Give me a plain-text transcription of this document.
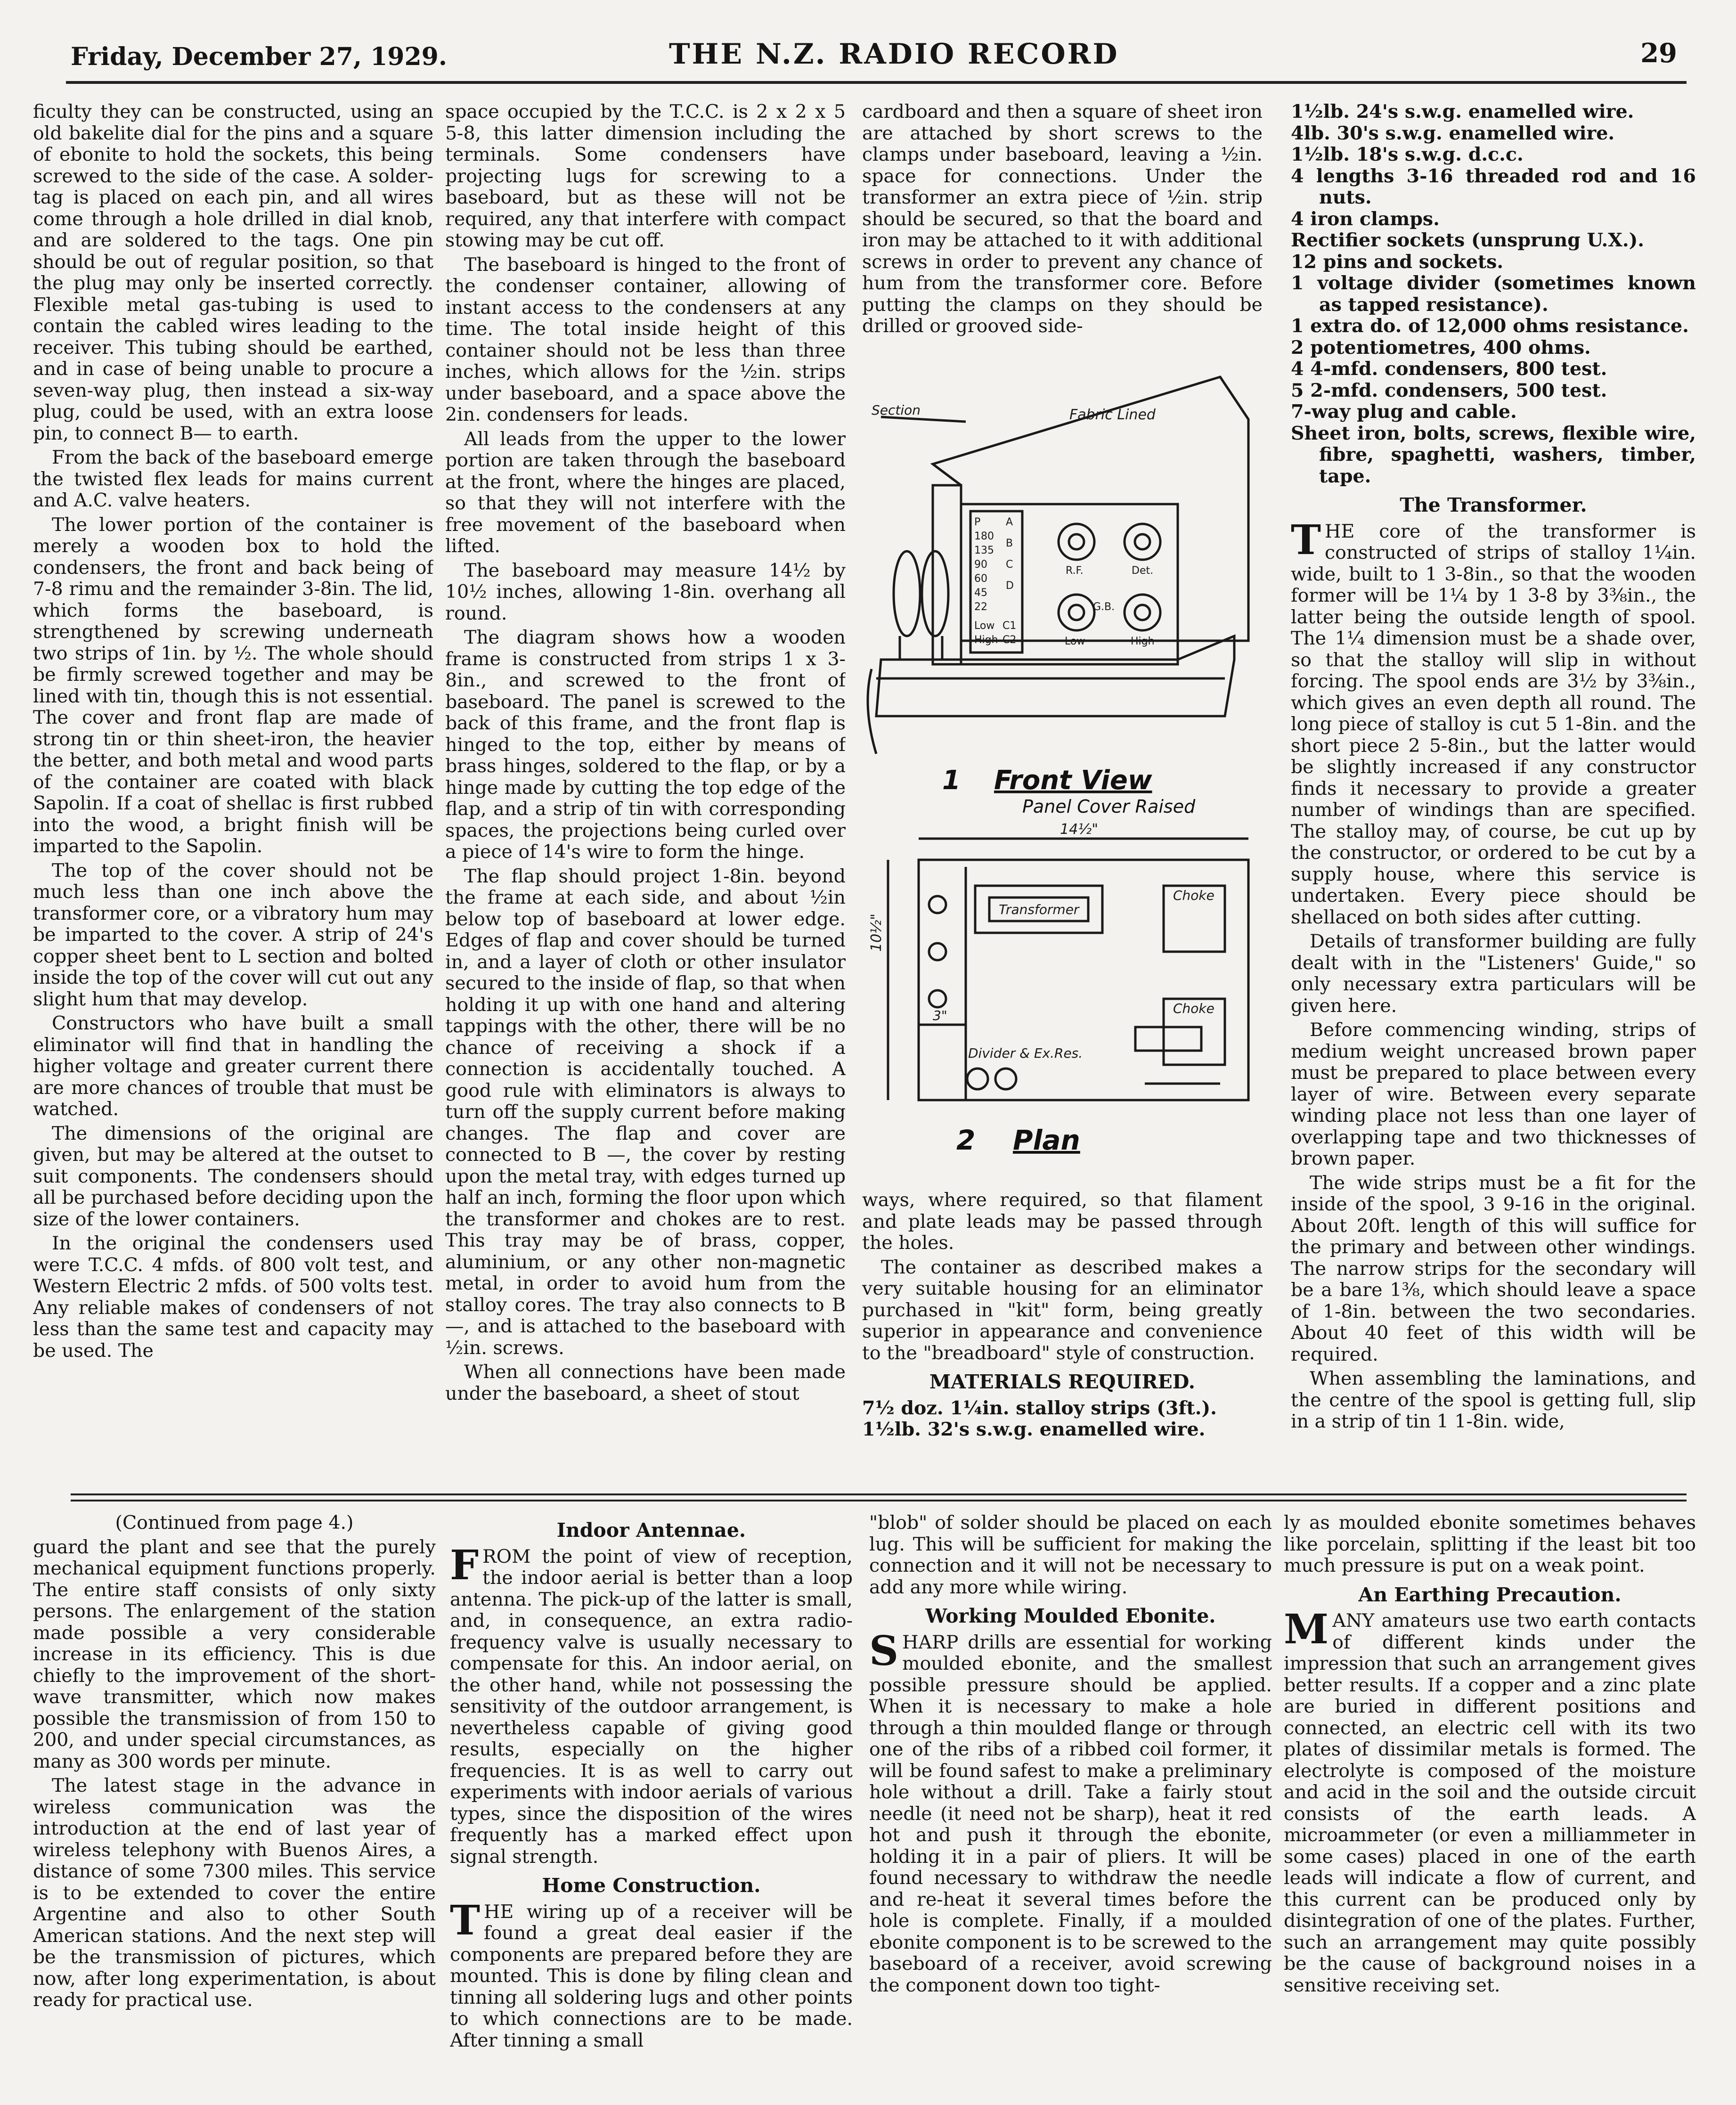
Friday, December 27, 1929.	THE N.Z. RADIO RECORD	29

ficulty they can be constructed, using an old bakelite dial for the pins and a square of ebonite to hold the sockets, this being screwed to the side of the case. A solder-tag is placed on each pin, and all wires come through a hole drilled in dial knob, and are soldered to the tags. One pin should be out of regular position, so that the plug may only be inserted correctly. Flexible metal gas-tubing is used to contain the cabled wires leading to the receiver. This tubing should be earthed, and in case of being unable to procure a seven-way plug, then instead a six-way plug, could be used, with an extra loose pin, to connect B— to earth.

From the back of the baseboard emerge the twisted flex leads for mains current and A.C. valve heaters.

The lower portion of the container is merely a wooden box to hold the condensers, the front and back being of 7-8 rimu and the remainder 3-8in. The lid, which forms the baseboard, is strengthened by screwing underneath two strips of 1in. by ½. The whole should be firmly screwed together and may be lined with tin, though this is not essential. The cover and front flap are made of strong tin or thin sheet-iron, the heavier the better, and both metal and wood parts of the container are coated with black Sapolin. If a coat of shellac is first rubbed into the wood, a bright finish will be imparted to the Sapolin.

The top of the cover should not be much less than one inch above the transformer core, or a vibratory hum may be imparted to the cover. A strip of 24's copper sheet bent to L section and bolted inside the top of the cover will cut out any slight hum that may develop.

Constructors who have built a small eliminator will find that in handling the higher voltage and greater current there are more chances of trouble that must be watched.

The dimensions of the original are given, but may be altered at the outset to suit components. The condensers should all be purchased before deciding upon the size of the lower containers.

In the original the condensers used were T.C.C. 4 mfds. of 800 volt test, and Western Electric 2 mfds. of 500 volts test. Any reliable makes of condensers of not less than the same test and capacity may be used. The

space occupied by the T.C.C. is 2 x 2 x 5 5-8, this latter dimension including the terminals. Some condensers have projecting lugs for screwing to a baseboard, but as these will not be required, any that interfere with compact stowing may be cut off.

The baseboard is hinged to the front of the condenser container, allowing of instant access to the condensers at any time. The total inside height of this container should not be less than three inches, which allows for the ½in. strips under baseboard, and a space above the 2in. condensers for leads.

All leads from the upper to the lower portion are taken through the baseboard at the front, where the hinges are placed, so that they will not interfere with the free movement of the baseboard when lifted.

The baseboard may measure 14½ by 10½ inches, allowing 1-8in. overhang all round.

The diagram shows how a wooden frame is constructed from strips 1 x 3-8in., and screwed to the front of baseboard. The panel is screwed to the back of this frame, and the front flap is hinged to the top, either by means of brass hinges, soldered to the flap, or by a hinge made by cutting the top edge of the flap, and a strip of tin with corresponding spaces, the projections being curled over a piece of 14's wire to form the hinge.

The flap should project 1-8in. beyond the frame at each side, and about ½in below top of baseboard at lower edge. Edges of flap and cover should be turned in, and a layer of cloth or other insulator secured to the inside of flap, so that when holding it up with one hand and altering tappings with the other, there will be no chance of receiving a shock if a connection is accidentally touched. A good rule with eliminators is always to turn off the supply current before making changes. The flap and cover are connected to B —, the cover by resting upon the metal tray, with edges turned up half an inch, forming the floor upon which the transformer and chokes are to rest. This tray may be of brass, copper, aluminium, or any other non-magnetic metal, in order to avoid hum from the stalloy cores. The tray also connects to B—, and is attached to the baseboard with ½in. screws.

When all connections have been made under the baseboard, a sheet of stout

cardboard and then a square of sheet iron are attached by short screws to the clamps under baseboard, leaving a ½in. space for connections. Under the transformer an extra piece of ½in. strip should be secured, so that the board and iron may be attached to it with additional screws in order to prevent any chance of hum from the transformer core. Before putting the clamps on they should be drilled or grooved side-

Section	Fabric Lined
P
180
135
90
60
45
22
Low
High
A
B
C
D
C1
C2
R.F.	Det.
G.B.
Low	High
1 Front View
Panel Cover Raised
14½"
10½"
3"
Transformer
Choke
Choke
Divider & Ex.Res.
2 Plan

ways, where required, so that filament and plate leads may be passed through the holes.

The container as described makes a very suitable housing for an eliminator purchased in "kit" form, being greatly superior in appearance and convenience to the "breadboard" style of construction.

MATERIALS REQUIRED.
7½ doz. 1¼in. stalloy strips (3ft.).
1½lb. 32's s.w.g. enamelled wire.
1½lb. 24's s.w.g. enamelled wire.
4lb. 30's s.w.g. enamelled wire.
1½lb. 18's s.w.g. d.c.c.
4 lengths 3-16 threaded rod and 16 nuts.
4 iron clamps.
Rectifier sockets (unsprung U.X.).
12 pins and sockets.
1 voltage divider (sometimes known as tapped resistance).
1 extra do. of 12,000 ohms resistance.
2 potentiometres, 400 ohms.
4 4-mfd. condensers, 800 test.
5 2-mfd. condensers, 500 test.
7-way plug and cable.
Sheet iron, bolts, screws, flexible wire, fibre, spaghetti, washers, timber, tape.
The Transformer.

THE core of the transformer is constructed of strips of stalloy 1¼in. wide, built to 1 3-8in., so that the wooden former will be 1¼ by 1 3-8 by 3⅜in., the latter being the outside length of spool. The 1¼ dimension must be a shade over, so that the stalloy will slip in without forcing. The spool ends are 3½ by 3⅜in., which gives an even depth all round. The long piece of stalloy is cut 5 1-8in. and the short piece 2 5-8in., but the latter would be slightly increased if any constructor finds it necessary to provide a greater number of windings than are specified. The stalloy may, of course, be cut up by the constructor, or ordered to be cut by a supply house, where this service is undertaken. Every piece should be shellaced on both sides after cutting.

Details of transformer building are fully dealt with in the "Listeners' Guide," so only necessary extra particulars will be given here.

Before commencing winding, strips of medium weight uncreased brown paper must be prepared to place between every layer of wire. Between every separate winding place not less than one layer of overlapping tape and two thicknesses of brown paper.

The wide strips must be a fit for the inside of the spool, 3 9-16 in the original. About 20ft. length of this will suffice for the primary and between other windings. The narrow strips for the secondary will be a bare 1⅜, which should leave a space of 1-8in. between the two secondaries. About 40 feet of this width will be required.

When assembling the laminations, and the centre of the spool is getting full, slip in a strip of tin 1 1-8in. wide,

(Continued from page 4.)

guard the plant and see that the purely mechanical equipment functions properly. The entire staff consists of only sixty persons. The enlargement of the station made possible a very considerable increase in its efficiency. This is due chiefly to the improvement of the short-wave transmitter, which now makes possible the transmission of from 150 to 200, and under special circumstances, as many as 300 words per minute.

The latest stage in the advance in wireless communication was the introduction at the end of last year of wireless telephony with Buenos Aires, a distance of some 7300 miles. This service is to be extended to cover the entire Argentine and also to other South American stations. And the next step will be the transmission of pictures, which now, after long experimentation, is about ready for practical use.

Indoor Antennae.

FROM the point of view of reception, the indoor aerial is better than a loop antenna. The pick-up of the latter is small, and, in consequence, an extra radio-frequency valve is usually necessary to compensate for this. An indoor aerial, on the other hand, while not possessing the sensitivity of the outdoor arrangement, is nevertheless capable of giving good results, especially on the higher frequencies. It is as well to carry out experiments with indoor aerials of various types, since the disposition of the wires frequently has a marked effect upon signal strength.

Home Construction.

THE wiring up of a receiver will be found a great deal easier if the components are prepared before they are mounted. This is done by filing clean and tinning all soldering lugs and other points to which connections are to be made. After tinning a small

"blob" of solder should be placed on each lug. This will be sufficient for making the connection and it will not be necessary to add any more while wiring.

Working Moulded Ebonite.

SHARP drills are essential for working moulded ebonite, and the smallest possible pressure should be applied. When it is necessary to make a hole through a thin moulded flange or through one of the ribs of a ribbed coil former, it will be found safest to make a preliminary hole without a drill. Take a fairly stout needle (it need not be sharp), heat it red hot and push it through the ebonite, holding it in a pair of pliers. It will be found necessary to withdraw the needle and re-heat it several times before the hole is complete. Finally, if a moulded ebonite component is to be screwed to the baseboard of a receiver, avoid screwing the component down too tight-

ly as moulded ebonite sometimes behaves like porcelain, splitting if the least bit too much pressure is put on a weak point.

An Earthing Precaution.

MANY amateurs use two earth contacts of different kinds under the impression that such an arrangement gives better results. If a copper and a zinc plate are buried in different positions and connected, an electric cell with its two plates of dissimilar metals is formed. The electrolyte is composed of the moisture and acid in the soil and the outside circuit consists of the earth leads. A microammeter (or even a milliammeter in some cases) placed in one of the earth leads will indicate a flow of current, and this current can be produced only by disintegration of one of the plates. Further, such an arrangement may quite possibly be the cause of background noises in a sensitive receiving set.
